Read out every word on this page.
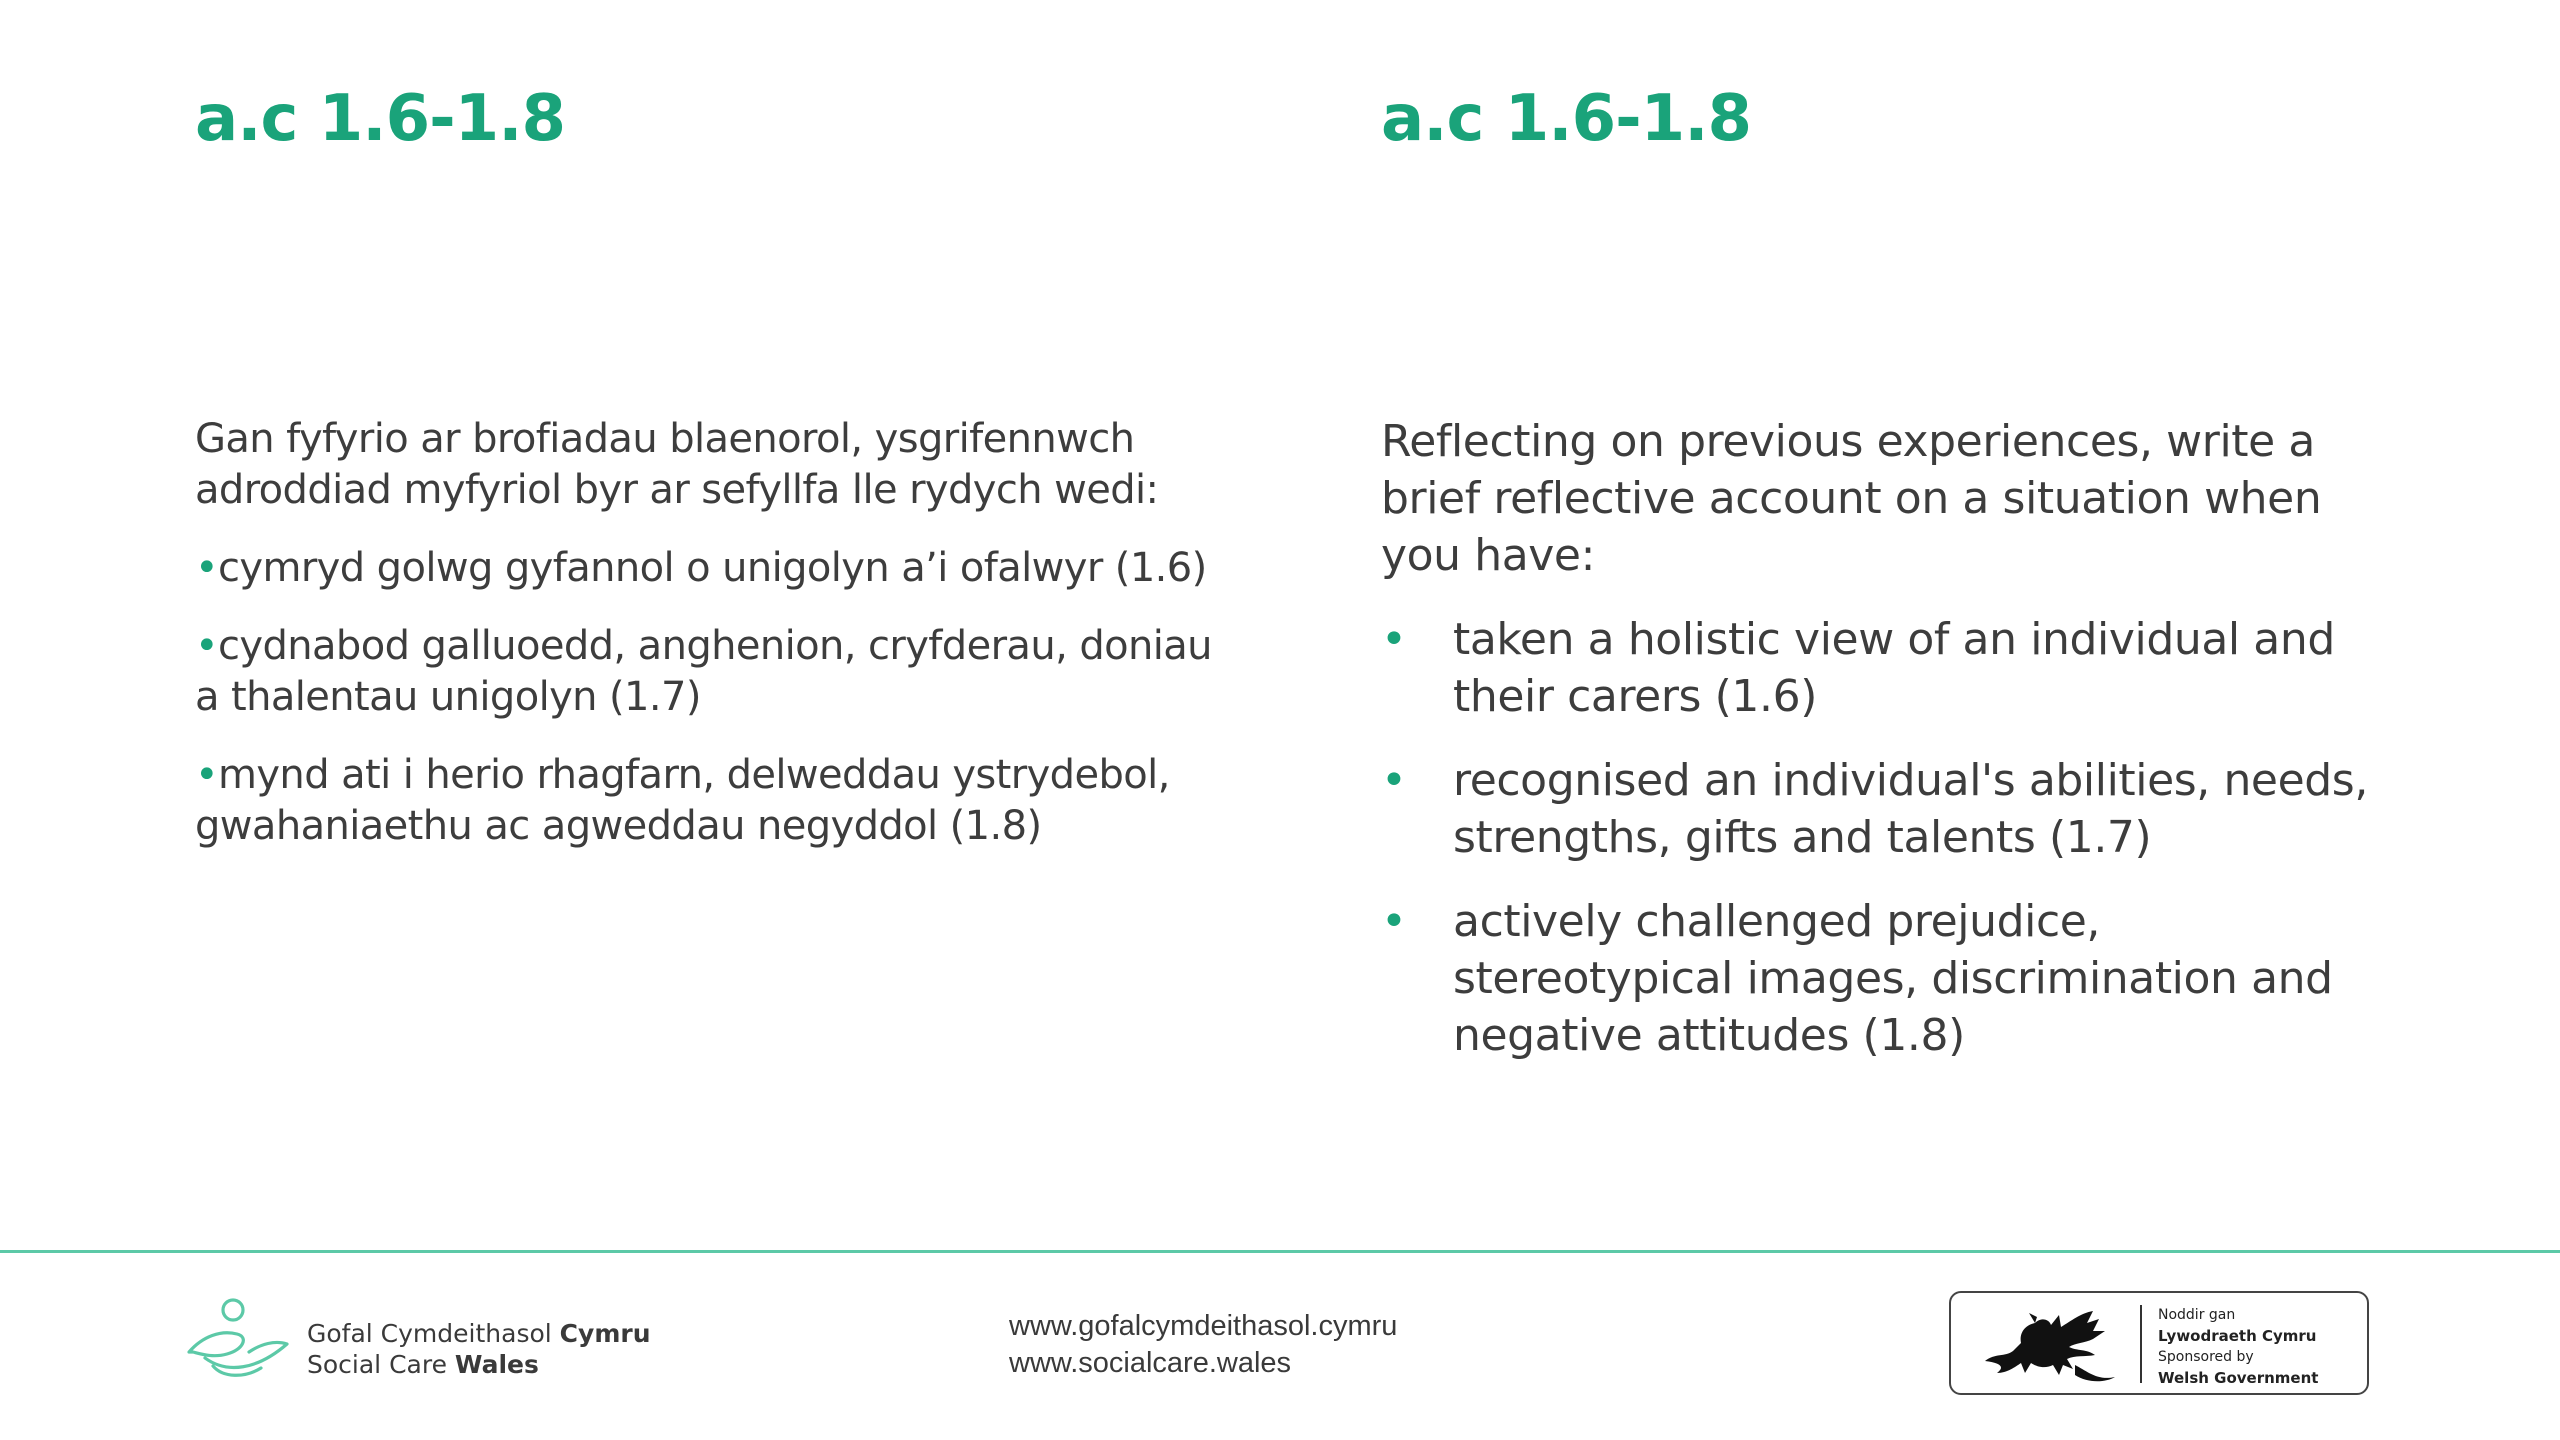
a.c 1.6-1.8	a.c 1.6-1.8

Gan fyfyrio ar brofiadau blaenorol, ysgrifennwch adroddiad myfyriol byr ar sefyllfa lle rydych wedi:

•cymryd golwg gyfannol o unigolyn a’i ofalwyr (1.6)

•cydnabod galluoedd, anghenion, cryfderau, doniau a thalentau unigolyn (1.7)

•mynd ati i herio rhagfarn, delweddau ystrydebol, gwahaniaethu ac agweddau negyddol (1.8)

Reflecting on previous experiences, write a brief reflective account on a situation when you have:

• taken a holistic view of an individual and their carers (1.6)
• recognised an individual's abilities, needs, strengths, gifts and talents (1.7)
• actively challenged prejudice, stereotypical images, discrimination and negative attitudes (1.8)
Gofal Cymdeithasol Cymru
Social Care Wales
www.gofalcymdeithasol.cymru
www.socialcare.wales
Noddir gan
Lywodraeth Cymru
Sponsored by
Welsh Government
